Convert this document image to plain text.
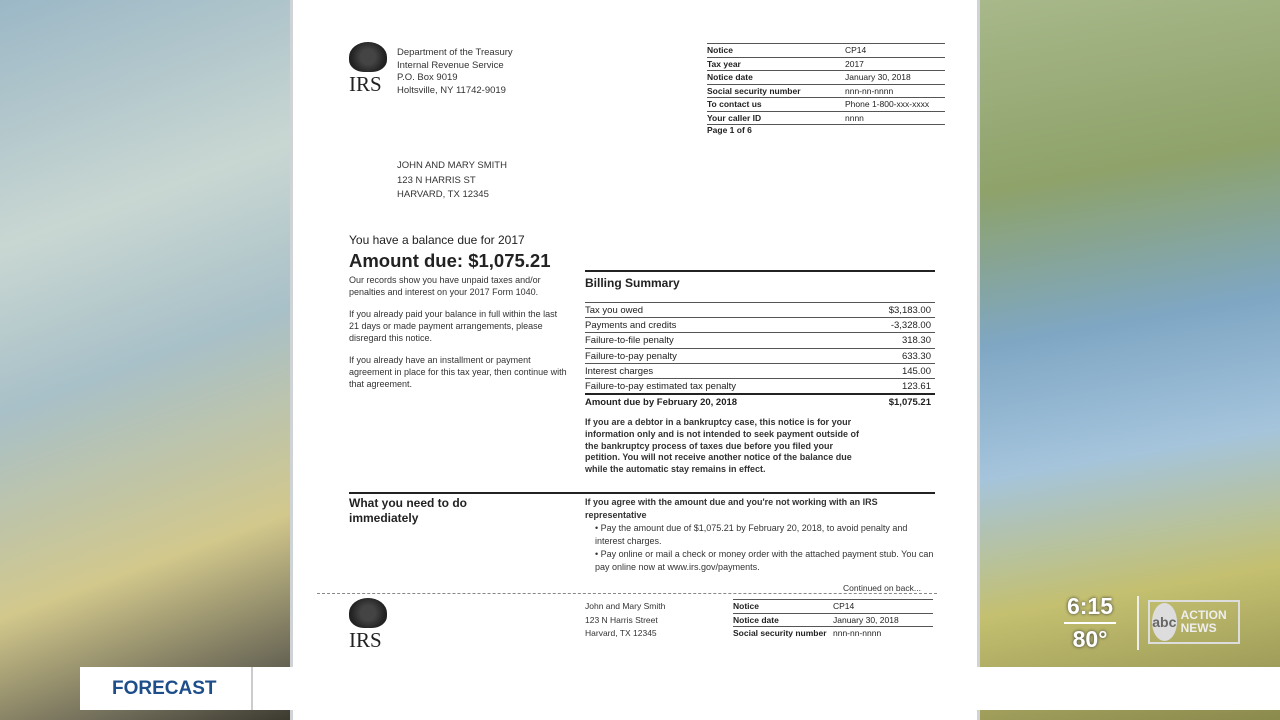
IRS
Department of the Treasury
Internal Revenue Service
P.O. Box 9019
Holtsville, NY 11742-9019
Notice	CP14
Tax year	2017
Notice date	January 30, 2018
Social security number	nnn-nn-nnnn
To contact us	Phone 1-800-xxx-xxxx
Your caller ID	nnnn
Page 1 of 6
JOHN AND MARY SMITH
123 N HARRIS ST
HARVARD, TX 12345
You have a balance due for 2017
Amount due: $1,075.21

Our records show you have unpaid taxes and/or penalties and interest on your 2017 Form 1040.

If you already paid your balance in full within the last 21 days or made payment arrangements, please disregard this notice.

If you already have an installment or payment agreement in place for this tax year, then continue with that agreement.

Billing Summary
Tax you owed	$3,183.00
Payments and credits	-3,328.00
Failure-to-file penalty	318.30
Failure-to-pay penalty	633.30
Interest charges	145.00
Failure-to-pay estimated tax penalty	123.61
Amount due by February 20, 2018	$1,075.21
If you are a debtor in a bankruptcy case, this notice is for your information only and is not intended to seek payment outside of the bankruptcy process of taxes due before you filed your petition. You will not receive another notice of the balance due while the automatic stay remains in effect.
What you need to do immediately
If you agree with the amount due and you're not working with an IRS representative
• Pay the amount due of $1,075.21 by February 20, 2018, to avoid penalty and interest charges.
• Pay online or mail a check or money order with the attached payment stub. You can pay online now at www.irs.gov/payments.
Continued on back...
IRS
John and Mary Smith
123 N Harris Street
Harvard, TX 12345
Notice	CP14
Notice date	January 30, 2018
Social security number nnn-nn-nnnn
FORECAST
6:15
80°
abc ACTION NEWS
